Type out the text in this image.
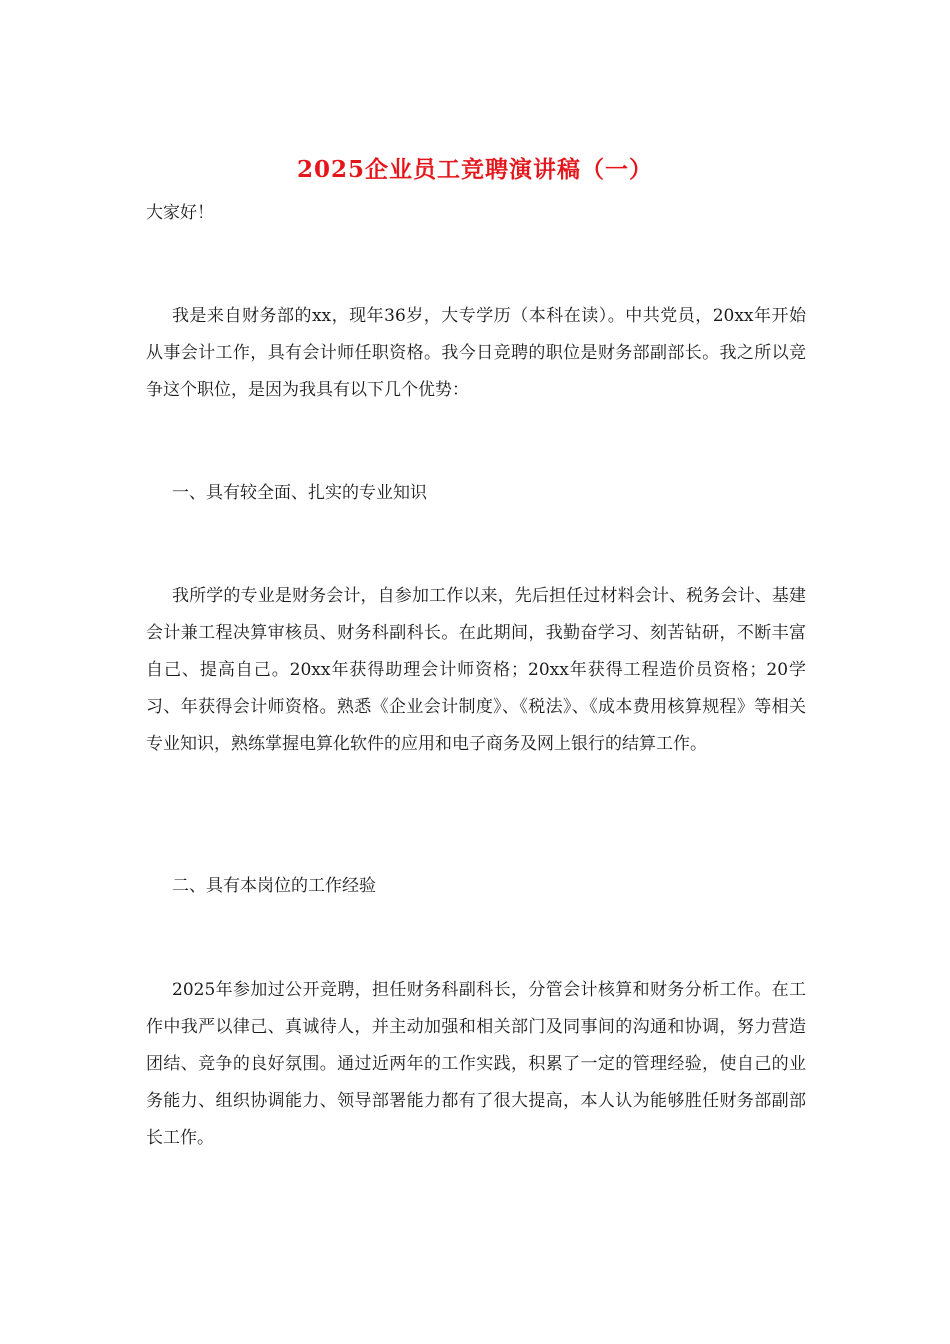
2025企业员工竞聘演讲稿（一）
大家好！

我是来自财务部的xx，现年36岁，大专学历（本科在读）。中共党员，20xx年开始从事会计工作，具有会计师任职资格。我今日竞聘的职位是财务部副部长。我之所以竞争这个职位，是因为我具有以下几个优势：

一、具有较全面、扎实的专业知识

我所学的专业是财务会计，自参加工作以来，先后担任过材料会计、税务会计、基建会计兼工程决算审核员、财务科副科长。在此期间，我勤奋学习、刻苦钻研，不断丰富自己、提高自己。20xx年获得助理会计师资格；20xx年获得工程造价员资格；20学习、年获得会计师资格。熟悉《企业会计制度》、《税法》、《成本费用核算规程》等相关专业知识，熟练掌握电算化软件的应用和电子商务及网上银行的结算工作。

二、具有本岗位的工作经验

2025年参加过公开竞聘，担任财务科副科长，分管会计核算和财务分析工作。在工作中我严以律己、真诚待人，并主动加强和相关部门及同事间的沟通和协调，努力营造团结、竞争的良好氛围。通过近两年的工作实践，积累了一定的管理经验，使自己的业务能力、组织协调能力、领导部署能力都有了很大提高，本人认为能够胜任财务部副部长工作。
